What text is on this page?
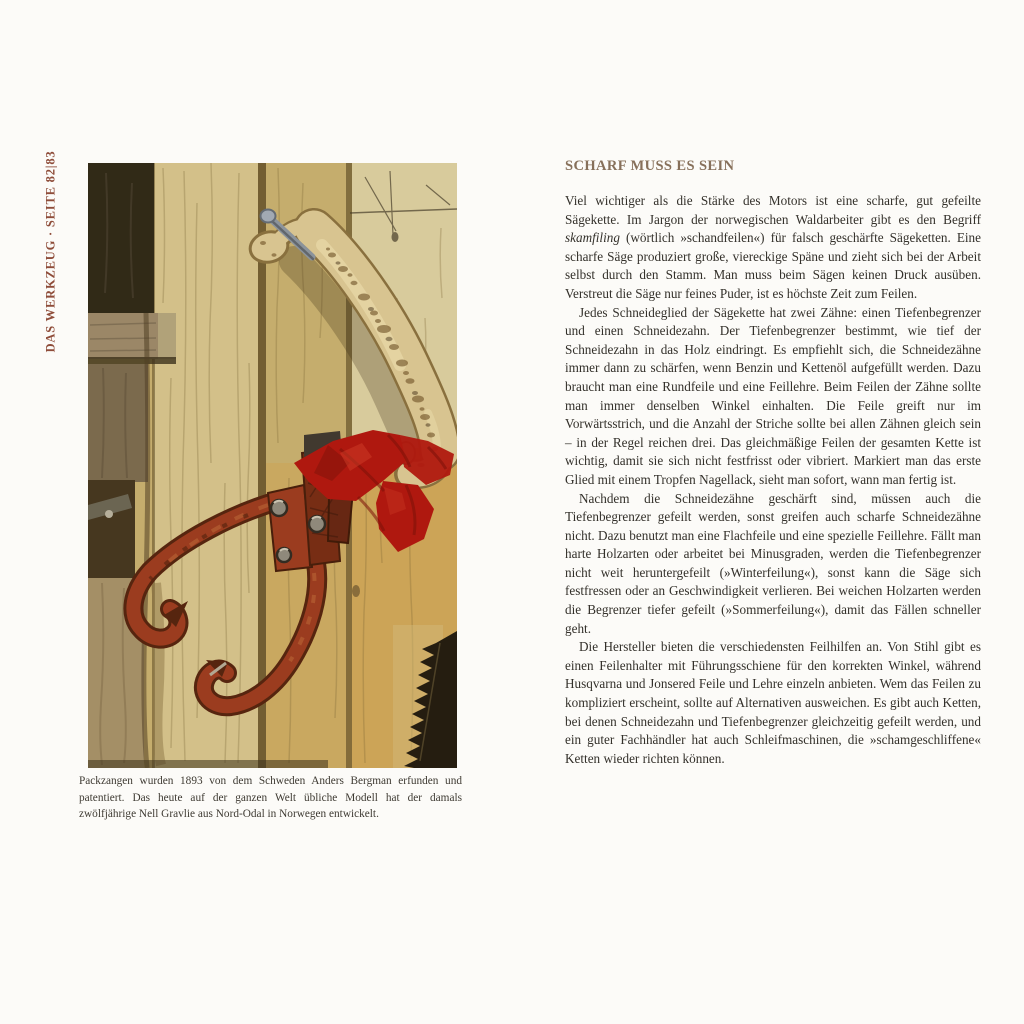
DAS WERKZEUG · SEITE 82|83

Packzangen wurden 1893 von dem Schweden Anders Bergman erfunden und patentiert. Das heute auf der ganzen Welt übliche Modell hat der damals zwölfjährige Nell Gravlie aus Nord-Odal in Norwegen entwickelt.

SCHARF MUSS ES SEIN

Viel wichtiger als die Stärke des Motors ist eine scharfe, gut gefeilte Sägekette. Im Jargon der norwegischen Waldarbeiter gibt es den Begriff skamfiling (wörtlich »schandfeilen«) für falsch geschärfte Sägeketten. Eine scharfe Säge produziert große, viereckige Späne und zieht sich bei der Arbeit selbst durch den Stamm. Man muss beim Sägen keinen Druck ausüben. Verstreut die Säge nur feines Puder, ist es höchste Zeit zum Feilen.

Jedes Schneideglied der Sägekette hat zwei Zähne: einen Tiefenbegrenzer und einen Schneidezahn. Der Tiefenbegrenzer bestimmt, wie tief der Schneidezahn in das Holz eindringt. Es empfiehlt sich, die Schneidezähne immer dann zu schärfen, wenn Benzin und Kettenöl aufgefüllt werden. Dazu braucht man eine Rundfeile und eine Feillehre. Beim Feilen der Zähne sollte man immer denselben Winkel einhalten. Die Feile greift nur im Vorwärtsstrich, und die Anzahl der Striche sollte bei allen Zähnen gleich sein – in der Regel reichen drei. Das gleichmäßige Feilen der gesamten Kette ist wichtig, damit sie sich nicht festfrisst oder vibriert. Markiert man das erste Glied mit einem Tropfen Nagellack, sieht man sofort, wann man fertig ist.

Nachdem die Schneidezähne geschärft sind, müssen auch die Tiefenbegrenzer gefeilt werden, sonst greifen auch scharfe Schneidezähne nicht. Dazu benutzt man eine Flachfeile und eine spezielle Feillehre. Fällt man harte Holzarten oder arbeitet bei Minusgraden, werden die Tiefenbegrenzer nicht weit heruntergefeilt (»Winterfeilung«), sonst kann die Säge sich festfressen oder an Geschwindigkeit verlieren. Bei weichen Holzarten werden die Begrenzer tiefer gefeilt (»Sommerfeilung«), damit das Fällen schneller geht.

Die Hersteller bieten die verschiedensten Feilhilfen an. Von Stihl gibt es einen Feilenhalter mit Führungsschiene für den korrekten Winkel, während Husqvarna und Jonsered Feile und Lehre einzeln anbieten. Wem das Feilen zu kompliziert erscheint, sollte auf Alternativen ausweichen. Es gibt auch Ketten, bei denen Schneidezahn und Tiefenbegrenzer gleichzeitig gefeilt werden, und ein guter Fachhändler hat auch Schleifmaschinen, die »schamgeschliffene« Ketten wieder richten können.
